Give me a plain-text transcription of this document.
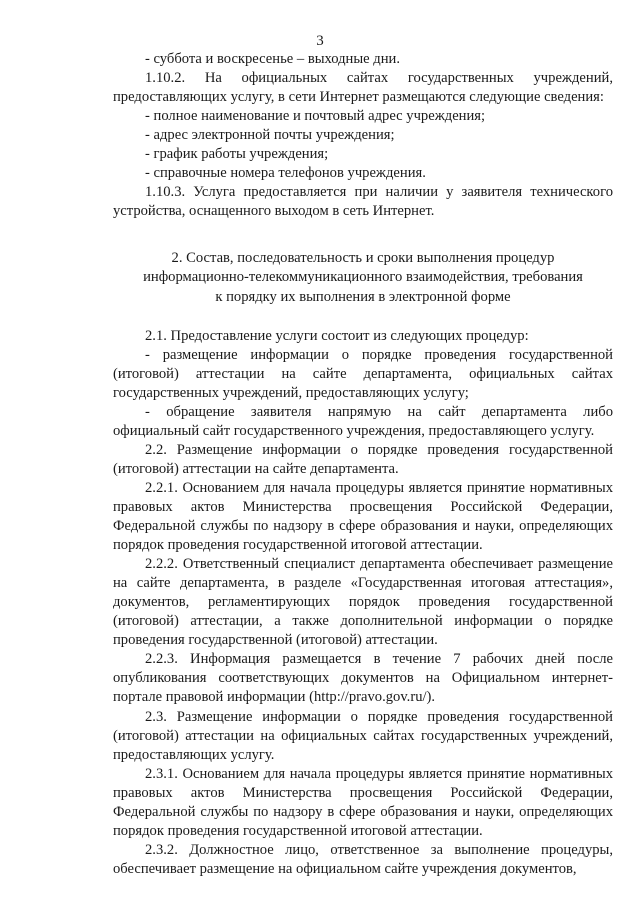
3

- суббота и воскресенье – выходные дни.

1.10.2. На официальных сайтах государственных учреждений, предоставляющих услугу, в сети Интернет размещаются следующие сведения:

- полное наименование и почтовый адрес учреждения;

- адрес электронной почты учреждения;

- график работы учреждения;

- справочные номера телефонов учреждения.

1.10.3. Услуга предоставляется при наличии у заявителя технического устройства, оснащенного выходом в сеть Интернет.

2. Состав, последовательность и сроки выполнения процедур

информационно-телекоммуникационного взаимодействия, требования

к порядку их выполнения в электронной форме

2.1. Предоставление услуги состоит из следующих процедур:

- размещение информации о порядке проведения государственной (итоговой) аттестации на сайте департамента, официальных сайтах государственных учреждений, предоставляющих услугу;

- обращение заявителя напрямую на сайт департамента либо официальный сайт государственного учреждения, предоставляющего услугу.

2.2. Размещение информации о порядке проведения государственной (итоговой) аттестации на сайте департамента.

2.2.1. Основанием для начала процедуры является принятие нормативных правовых актов Министерства просвещения Российской Федерации, Федеральной службы по надзору в сфере образования и науки, определяющих порядок проведения государственной итоговой аттестации.

2.2.2. Ответственный специалист департамента обеспечивает размещение на сайте департамента, в разделе «Государственная итоговая аттестация», документов, регламентирующих порядок проведения государственной (итоговой) аттестации, а также дополнительной информации о порядке проведения государственной (итоговой) аттестации.

2.2.3. Информация размещается в течение 7 рабочих дней после опубликования соответствующих документов на Официальном интернет-портале правовой информации (http://pravo.gov.ru/).

2.3. Размещение информации о порядке проведения государственной (итоговой) аттестации на официальных сайтах государственных учреждений, предоставляющих услугу.

2.3.1. Основанием для начала процедуры является принятие нормативных правовых актов Министерства просвещения Российской Федерации, Федеральной службы по надзору в сфере образования и науки, определяющих порядок проведения государственной итоговой аттестации.

2.3.2. Должностное лицо, ответственное за выполнение процедуры, обеспечивает размещение на официальном сайте учреждения документов,
